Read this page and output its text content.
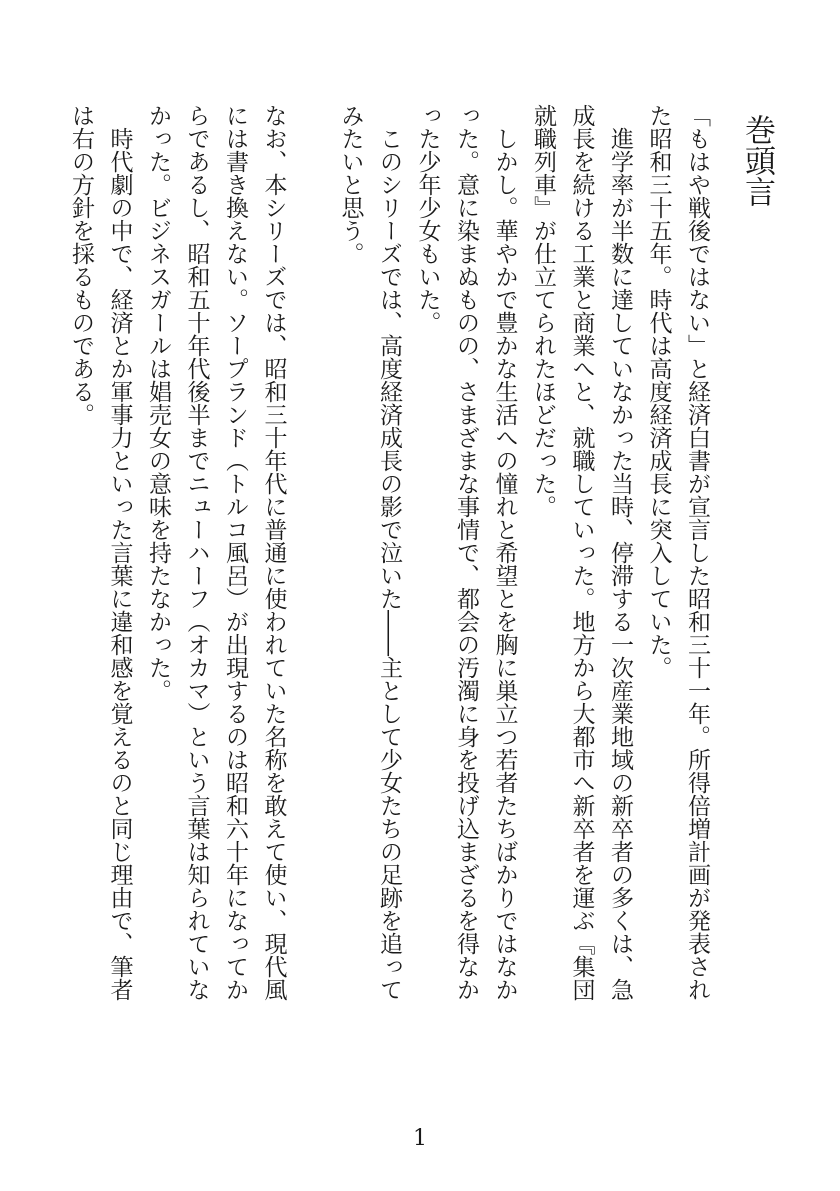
巻頭言

「もはや戦後ではない」と経済白書が宣言した昭和三十一年。所得倍増計画が発表された昭和三十五年。時代は高度経済成長に突入していた。

進学率が半数に達していなかった当時、停滞する一次産業地域の新卒者の多くは、急成長を続ける工業と商業へと、就職していった。地方から大都市へ新卒者を運ぶ『集団就職列車』が仕立てられたほどだった。

しかし。華やかで豊かな生活への憧れと希望とを胸に巣立つ若者たちばかりではなかった。意に染まぬものの、さまざまな事情で、都会の汚濁に身を投げ込まざるを得なかった少年少女もいた。

このシリーズでは、高度経済成長の影で泣いた――主として少女たちの足跡を追ってみたいと思う。

なお、本シリーズでは、昭和三十年代に普通に使われていた名称を敢えて使い、現代風には書き換えない。ソープランド（トルコ風呂）が出現するのは昭和六十年になってからであるし、昭和五十年代後半までニューハーフ（オカマ）という言葉は知られていなかった。ビジネスガールは娼売女の意味を持たなかった。

時代劇の中で、経済とか軍事力といった言葉に違和感を覚えるのと同じ理由で、筆者は右の方針を採るものである。

1
